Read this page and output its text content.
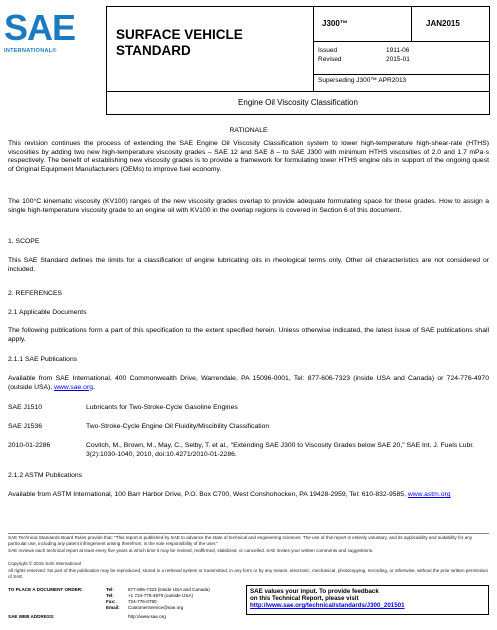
SAE
INTERNATIONAL®
SURFACE VEHICLE
STANDARD
J300™	JAN2015
Issued	1911-06
Revised	2015-01
Superseding J300™ APR2013
Engine Oil Viscosity Classification
RATIONALE
This revision continues the process of extending the SAE Engine Oil Viscosity Classification system to lower high-temperature high-shear-rate (HTHS) viscosities by adding two new high-temperature viscosity grades – SAE 12 and SAE 8 – to SAE J300 with minimum HTHS viscosities of 2.0 and 1.7 mPa·s respectively. The benefit of establishing new viscosity grades is to provide a framework for formulating lower HTHS engine oils in support of the ongoing quest of Original Equipment Manufacturers (OEMs) to improve fuel economy.
The 100°C kinematic viscosity (KV100) ranges of the new viscosity grades overlap to provide adequate formulating space for these grades. How to assign a single high-temperature viscosity grade to an engine oil with KV100 in the overlap regions is covered in Section 6 of this document.
1. SCOPE
This SAE Standard defines the limits for a classification of engine lubricating oils in rheological terms only. Other oil characteristics are not considered or included.
2. REFERENCES
2.1 Applicable Documents
The following publications form a part of this specification to the extent specified herein. Unless otherwise indicated, the latest issue of SAE publications shall apply.
2.1.1 SAE Publications
Available from SAE International, 400 Commonwealth Drive, Warrendale, PA 15096-0001, Tel: 877-606-7323 (inside USA and Canada) or 724-776-4970 (outside USA), www.sae.org.
SAE J1510	Lubricants for Two-Stroke-Cycle Gasoline Engines
SAE J1536	Two-Stroke-Cycle Engine Oil Fluidity/Miscibility Classification
2010-01-2286	Covitch, M., Brown, M., May, C., Selby, T. et al., "Extending SAE J300 to Viscosity Grades below SAE 20," SAE Int. J. Fuels Lubr. 3(2):1030-1040, 2010, doi:10.4271/2010-01-2286.
2.1.2 ASTM Publications
Available from ASTM International, 100 Barr Harbor Drive, P.O. Box C700, West Conshohocken, PA 19428-2959, Tel: 610-832-9585, www.astm.org
SAE Technical Standards Board Rules provide that: "This report is published by SAE to advance the state of technical and engineering sciences. The use of this report is entirely voluntary, and its applicability and suitability for any particular use, including any patent infringement arising therefrom, is the sole responsibility of the user."
SAE reviews each technical report at least every five years at which time it may be revised, reaffirmed, stabilized, or cancelled. SAE invites your written comments and suggestions.
Copyright © 2015 SAE International
All rights reserved. No part of this publication may be reproduced, stored in a retrieval system or transmitted, in any form or by any means, electronic, mechanical, photocopying, recording, or otherwise, without the prior written permission of SAE.
TO PLACE A DOCUMENT ORDER:	Tel:	877-606-7323 (inside USA and Canada)
Tel:	+1 724-776-4970 (outside USA)
Fax:	724-776-0790
Email: CustomerService@sae.org
SAE WEB ADDRESS:	http://www.sae.org
SAE values your input. To provide feedback
on this Technical Report, please visit
http://www.sae.org/technical/standards/J300_201501
